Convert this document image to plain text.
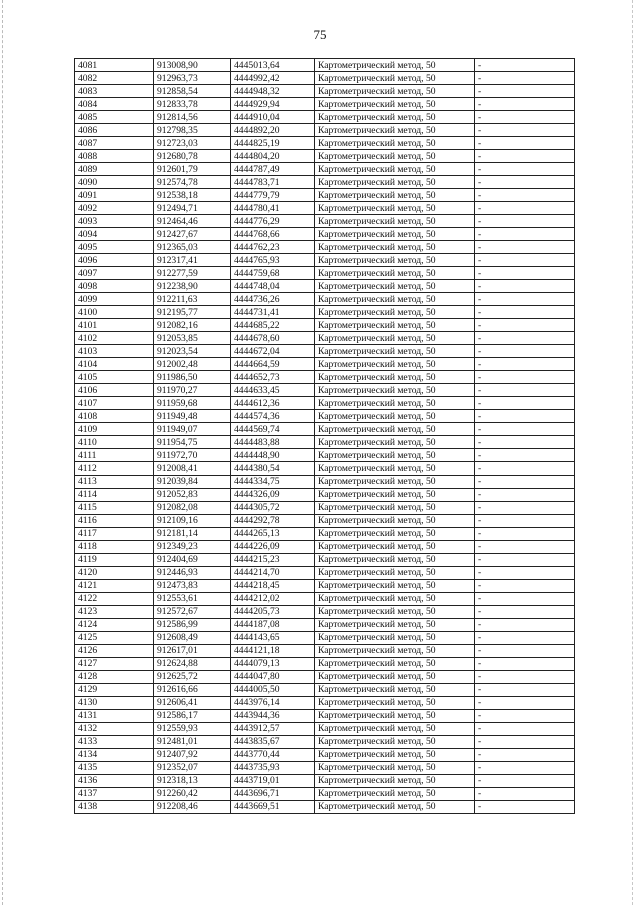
75
4081	913008,90	4445013,64	Картометрический метод, 50	-
4082	912963,73	4444992,42	Картометрический метод, 50	-
4083	912858,54	4444948,32	Картометрический метод, 50	-
4084	912833,78	4444929,94	Картометрический метод, 50	-
4085	912814,56	4444910,04	Картометрический метод, 50	-
4086	912798,35	4444892,20	Картометрический метод, 50	-
4087	912723,03	4444825,19	Картометрический метод, 50	-
4088	912680,78	4444804,20	Картометрический метод, 50	-
4089	912601,79	4444787,49	Картометрический метод, 50	-
4090	912574,78	4444783,71	Картометрический метод, 50	-
4091	912538,18	4444779,79	Картометрический метод, 50	-
4092	912494,71	4444780,41	Картометрический метод, 50	-
4093	912464,46	4444776,29	Картометрический метод, 50	-
4094	912427,67	4444768,66	Картометрический метод, 50	-
4095	912365,03	4444762,23	Картометрический метод, 50	-
4096	912317,41	4444765,93	Картометрический метод, 50	-
4097	912277,59	4444759,68	Картометрический метод, 50	-
4098	912238,90	4444748,04	Картометрический метод, 50	-
4099	912211,63	4444736,26	Картометрический метод, 50	-
4100	912195,77	4444731,41	Картометрический метод, 50	-
4101	912082,16	4444685,22	Картометрический метод, 50	-
4102	912053,85	4444678,60	Картометрический метод, 50	-
4103	912023,54	4444672,04	Картометрический метод, 50	-
4104	912002,48	4444664,59	Картометрический метод, 50	-
4105	911986,50	4444652,73	Картометрический метод, 50	-
4106	911970,27	4444633,45	Картометрический метод, 50	-
4107	911959,68	4444612,36	Картометрический метод, 50	-
4108	911949,48	4444574,36	Картометрический метод, 50	-
4109	911949,07	4444569,74	Картометрический метод, 50	-
4110	911954,75	4444483,88	Картометрический метод, 50	-
4111	911972,70	4444448,90	Картометрический метод, 50	-
4112	912008,41	4444380,54	Картометрический метод, 50	-
4113	912039,84	4444334,75	Картометрический метод, 50	-
4114	912052,83	4444326,09	Картометрический метод, 50	-
4115	912082,08	4444305,72	Картометрический метод, 50	-
4116	912109,16	4444292,78	Картометрический метод, 50	-
4117	912181,14	4444265,13	Картометрический метод, 50	-
4118	912349,23	4444226,09	Картометрический метод, 50	-
4119	912404,69	4444215,23	Картометрический метод, 50	-
4120	912446,93	4444214,70	Картометрический метод, 50	-
4121	912473,83	4444218,45	Картометрический метод, 50	-
4122	912553,61	4444212,02	Картометрический метод, 50	-
4123	912572,67	4444205,73	Картометрический метод, 50	-
4124	912586,99	4444187,08	Картометрический метод, 50	-
4125	912608,49	4444143,65	Картометрический метод, 50	-
4126	912617,01	4444121,18	Картометрический метод, 50	-
4127	912624,88	4444079,13	Картометрический метод, 50	-
4128	912625,72	4444047,80	Картометрический метод, 50	-
4129	912616,66	4444005,50	Картометрический метод, 50	-
4130	912606,41	4443976,14	Картометрический метод, 50	-
4131	912586,17	4443944,36	Картометрический метод, 50	-
4132	912559,93	4443912,57	Картометрический метод, 50	-
4133	912481,01	4443835,67	Картометрический метод, 50	-
4134	912407,92	4443770,44	Картометрический метод, 50	-
4135	912352,07	4443735,93	Картометрический метод, 50	-
4136	912318,13	4443719,01	Картометрический метод, 50	-
4137	912260,42	4443696,71	Картометрический метод, 50	-
4138	912208,46	4443669,51	Картометрический метод, 50	-
